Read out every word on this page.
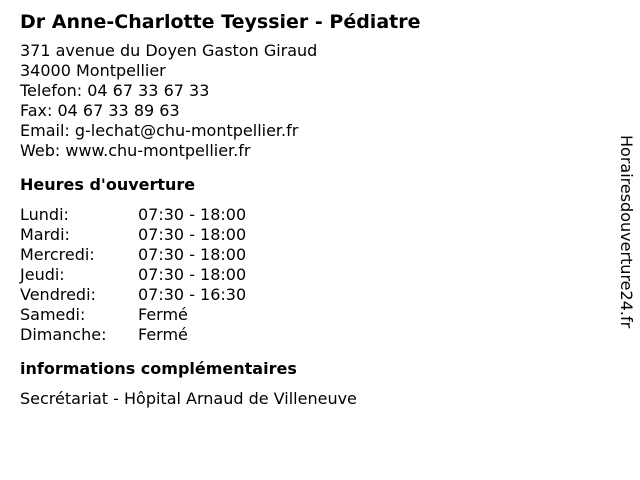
Dr Anne-Charlotte Teyssier - Pédiatre
371 avenue du Doyen Gaston Giraud
34000 Montpellier
Telefon: 04 67 33 67 33
Fax: 04 67 33 89 63
Email: g-lechat@chu-montpellier.fr
Web: www.chu-montpellier.fr
Heures d'ouverture
Lundi:	07:30 - 18:00
Mardi:	07:30 - 18:00
Mercredi:	07:30 - 18:00
Jeudi:	07:30 - 18:00
Vendredi:	07:30 - 16:30
Samedi:	Fermé
Dimanche: Fermé
informations complémentaires
Secrétariat - Hôpital Arnaud de Villeneuve
Horairesdouverture24.fr
